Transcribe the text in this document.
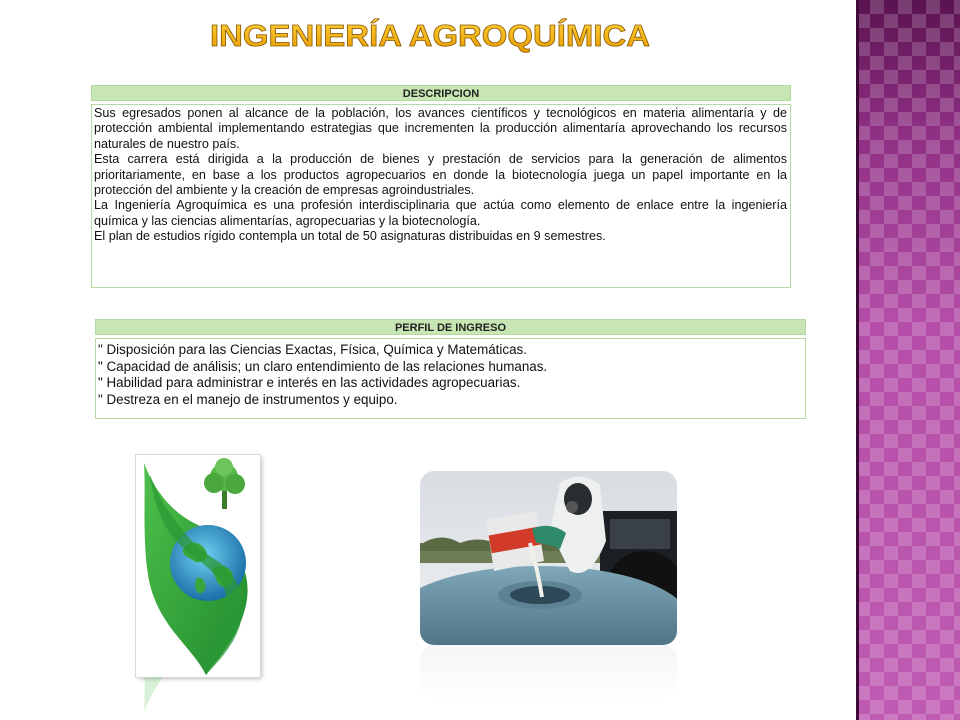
INGENIERÍA AGROQUÍMICA
DESCRIPCION

Sus egresados ponen al alcance de la población, los avances científicos y tecnológicos en materia alimentaría y de protección ambiental implementando estrategias que incrementen la producción alimentaría aprovechando los recursos naturales de nuestro país.

Esta carrera está dirigida a la producción de bienes y prestación de servicios para la generación de alimentos prioritariamente, en base a los productos agropecuarios en donde la biotecnología juega un papel importante en la protección del ambiente y la creación de empresas agroindustriales.

La Ingeniería Agroquímica es una profesión interdisciplinaria que actúa como elemento de enlace entre la ingeniería química y las ciencias alimentarías, agropecuarias y la biotecnología.

El plan de estudios rígido contempla un total de 50 asignaturas distribuidas en 9 semestres.

PERFIL DE INGRESO

" Disposición para las Ciencias Exactas, Física, Química y Matemáticas.

" Capacidad de análisis; un claro entendimiento de las relaciones humanas.

" Habilidad para administrar e interés en las actividades agropecuarias.

" Destreza en el manejo de instrumentos y equipo.
